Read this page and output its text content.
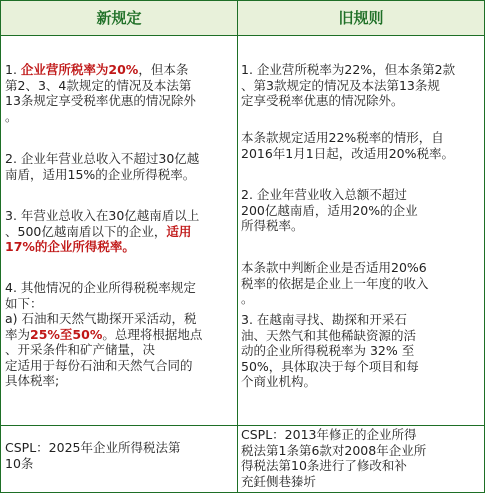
新规定	旧规则
1. 企业营所税率为20%，但本条
第2、3、4款规定的情况及本法第
13条规定享受税率优惠的情况除外
。
2. 企业年营业总收入不超过30亿越
南盾，适用15%的企业所得税率。
3. 年营业总收入在30亿越南盾以上
、500亿越南盾以下的企业，适用
17%的企业所得税率。
4. 其他情况的企业所得税税率规定
如下：
a) 石油和天然气勘探开采活动，税
率为25%至50%。总理将根据地点
、开采条件和矿产储量，决
定适用于每份石油和天然气合同的
具体税率;
1. 企业营所税率为22%，但本条第2款
、第3款规定的情况及本法第13条规
定享受税率优惠的情况除外。
本条款规定适用22%税率的情形，自
2016年1月1日起，改适用20%税率。
2. 企业年营业收入总额不超过
200亿越南盾，适用20%的企业
所得税率。
本条款中判断企业是否适用20%6
税率的依据是企业上一年度的收入
。
3. 在越南寻找、勘探和开采石
油、天然气和其他稀缺资源的活
动的企业所得税税率为 32% 至
50%，具体取决于每个项目和每
个商业机构。
CSPL：2025年企业所得税法第
10条
CSPL：2013年修正的企业所得
税法第1条第6款对2008年企业所
得税法第10条进行了修改和补
充鈓侧巷獉圻
